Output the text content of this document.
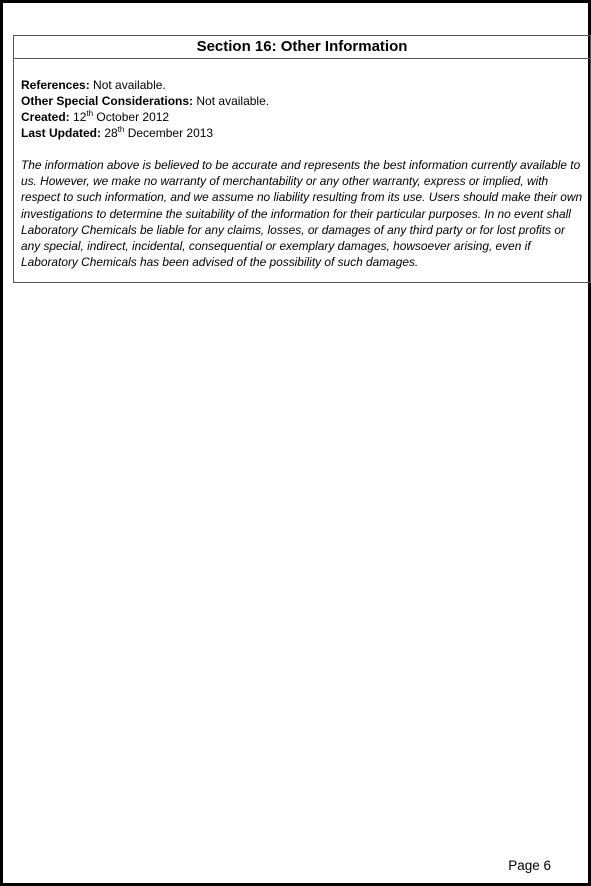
Section 16: Other Information

References: Not available.

Other Special Considerations: Not available.

Created: 12th October 2012

Last Updated: 28th December 2013

The information above is believed to be accurate and represents the best information currently available to us. However, we make no warranty of merchantability or any other warranty, express or implied, with respect to such information, and we assume no liability resulting from its use. Users should make their own investigations to determine the suitability of the information for their particular purposes. In no event shall Laboratory Chemicals be liable for any claims, losses, or damages of any third party or for lost profits or any special, indirect, incidental, consequential or exemplary damages, howsoever arising, even if Laboratory Chemicals has been advised of the possibility of such damages.

Page 6
